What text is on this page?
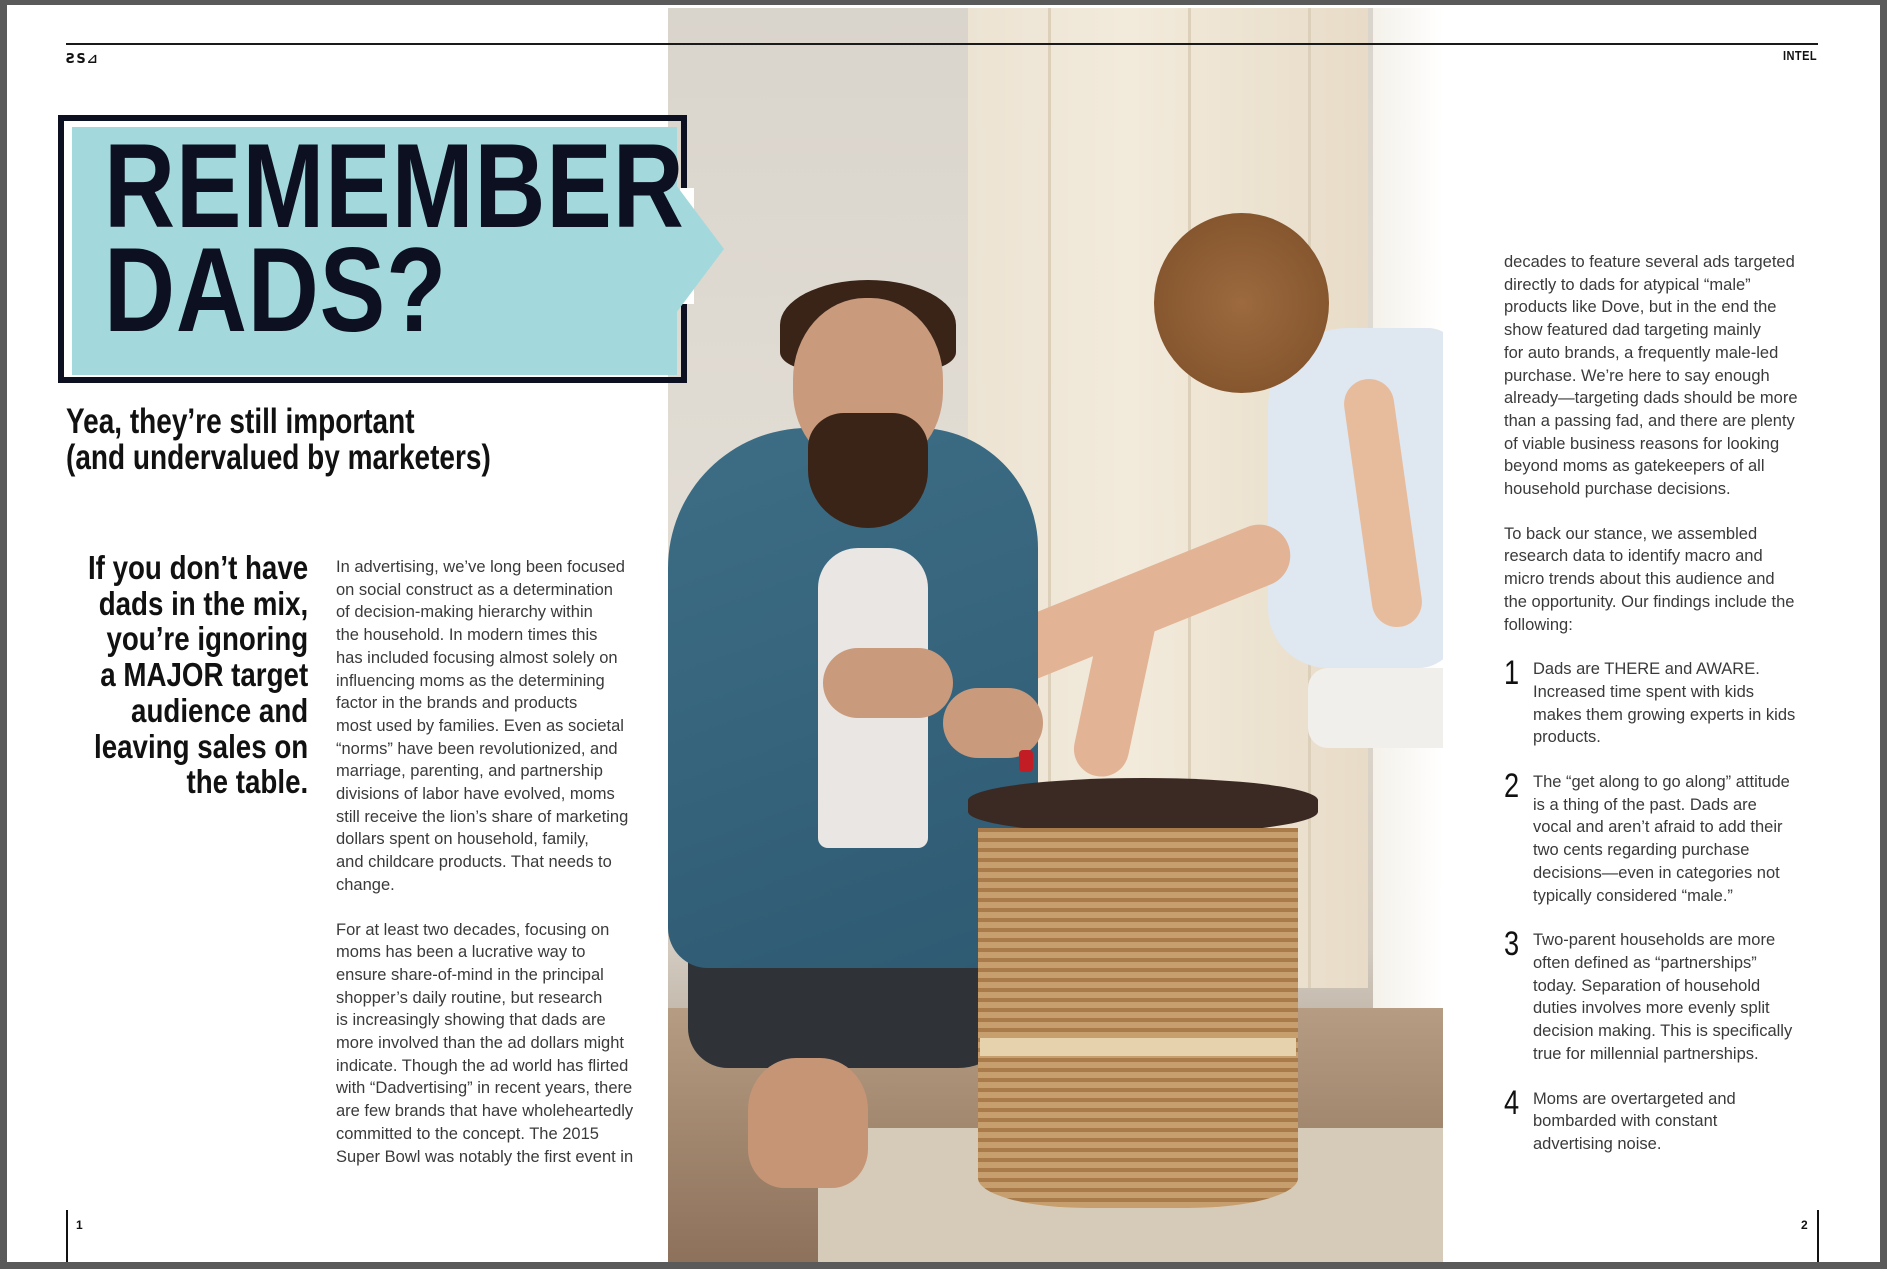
ƧS⊿	INTEL
REMEMBER
DADS?
Yea, they’re still important
(and undervalued by marketers)
If you don’t have
dads in the mix,
you’re ignoring
a MAJOR target
audience and
leaving sales on
the table.

In advertising, we’ve long been focused
on social construct as a determination
of decision-making hierarchy within
the household. In modern times this
has included focusing almost solely on
influencing moms as the determining
factor in the brands and products
most used by families. Even as societal
“norms” have been revolutionized, and
marriage, parenting, and partnership
divisions of labor have evolved, moms
still receive the lion’s share of marketing
dollars spent on household, family,
and childcare products. That needs to
change.

For at least two decades, focusing on
moms has been a lucrative way to
ensure share-of-mind in the principal
shopper’s daily routine, but research
is increasingly showing that dads are
more involved than the ad dollars might
indicate. Though the ad world has flirted
with “Dadvertising” in recent years, there
are few brands that have wholeheartedly
committed to the concept. The 2015
Super Bowl was notably the first event in

decades to feature several ads targeted
directly to dads for atypical “male”
products like Dove, but in the end the
show featured dad targeting mainly
for auto brands, a frequently male-led
purchase. We’re here to say enough
already—targeting dads should be more
than a passing fad, and there are plenty
of viable business reasons for looking
beyond moms as gatekeepers of all
household purchase decisions.

To back our stance, we assembled
research data to identify macro and
micro trends about this audience and
the opportunity. Our findings include the
following:

1 Dads are THERE and AWARE.
Increased time spent with kids
makes them growing experts in kids
products.
2 The “get along to go along” attitude
is a thing of the past. Dads are
vocal and aren’t afraid to add their
two cents regarding purchase
decisions—even in categories not
typically considered “male.”
3 Two-parent households are more
often defined as “partnerships”
today. Separation of household
duties involves more evenly split
decision making. This is specifically
true for millennial partnerships.
4 Moms are overtargeted and
bombarded with constant
advertising noise.
1	2
